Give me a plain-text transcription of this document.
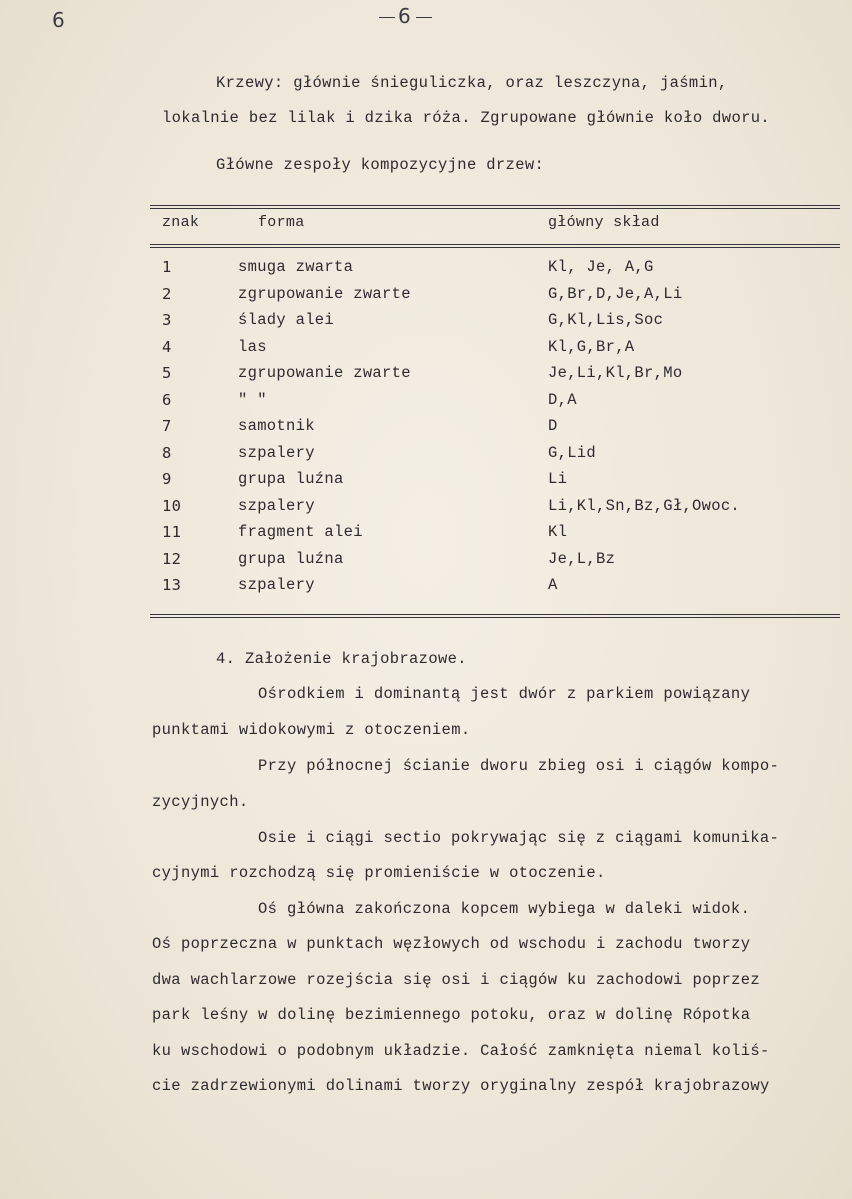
6	6
Krzewy: głównie śnieguliczka, oraz leszczyna, jaśmin,
lokalnie bez lilak i dzika róża. Zgrupowane głównie koło dworu.
Główne zespoły kompozycyjne drzew:
znak	forma	główny skład
1	smuga zwarta	Kl, Je, A,G
2	zgrupowanie zwarte	G,Br,D,Je,A,Li
3	ślady alei	G,Kl,Lis,Soc
4	las	Kl,G,Br,A
5	zgrupowanie zwarte	Je,Li,Kl,Br,Mo
6	" "	D,A
7	samotnik	D
8	szpalery	G,Lid
9	grupa luźna	Li
10	szpalery	Li,Kl,Sn,Bz,Gł,Owoc.
11	fragment alei	Kl
12	grupa luźna	Je,L,Bz
13	szpalery	A
4. Założenie krajobrazowe.
Ośrodkiem i dominantą jest dwór z parkiem powiązany
punktami widokowymi z otoczeniem.
Przy północnej ścianie dworu zbieg osi i ciągów kompo-
zycyjnych.
Osie i ciągi sectio pokrywając się z ciągami komunika-
cyjnymi rozchodzą się promieniście w otoczenie.
Oś główna zakończona kopcem wybiega w daleki widok.
Oś poprzeczna w punktach węzłowych od wschodu i zachodu tworzy
dwa wachlarzowe rozejścia się osi i ciągów ku zachodowi poprzez
park leśny w dolinę bezimiennego potoku, oraz w dolinę Rópotka
ku wschodowi o podobnym układzie. Całość zamknięta niemal koliś-
cie zadrzewionymi dolinami tworzy oryginalny zespół krajobrazowy
